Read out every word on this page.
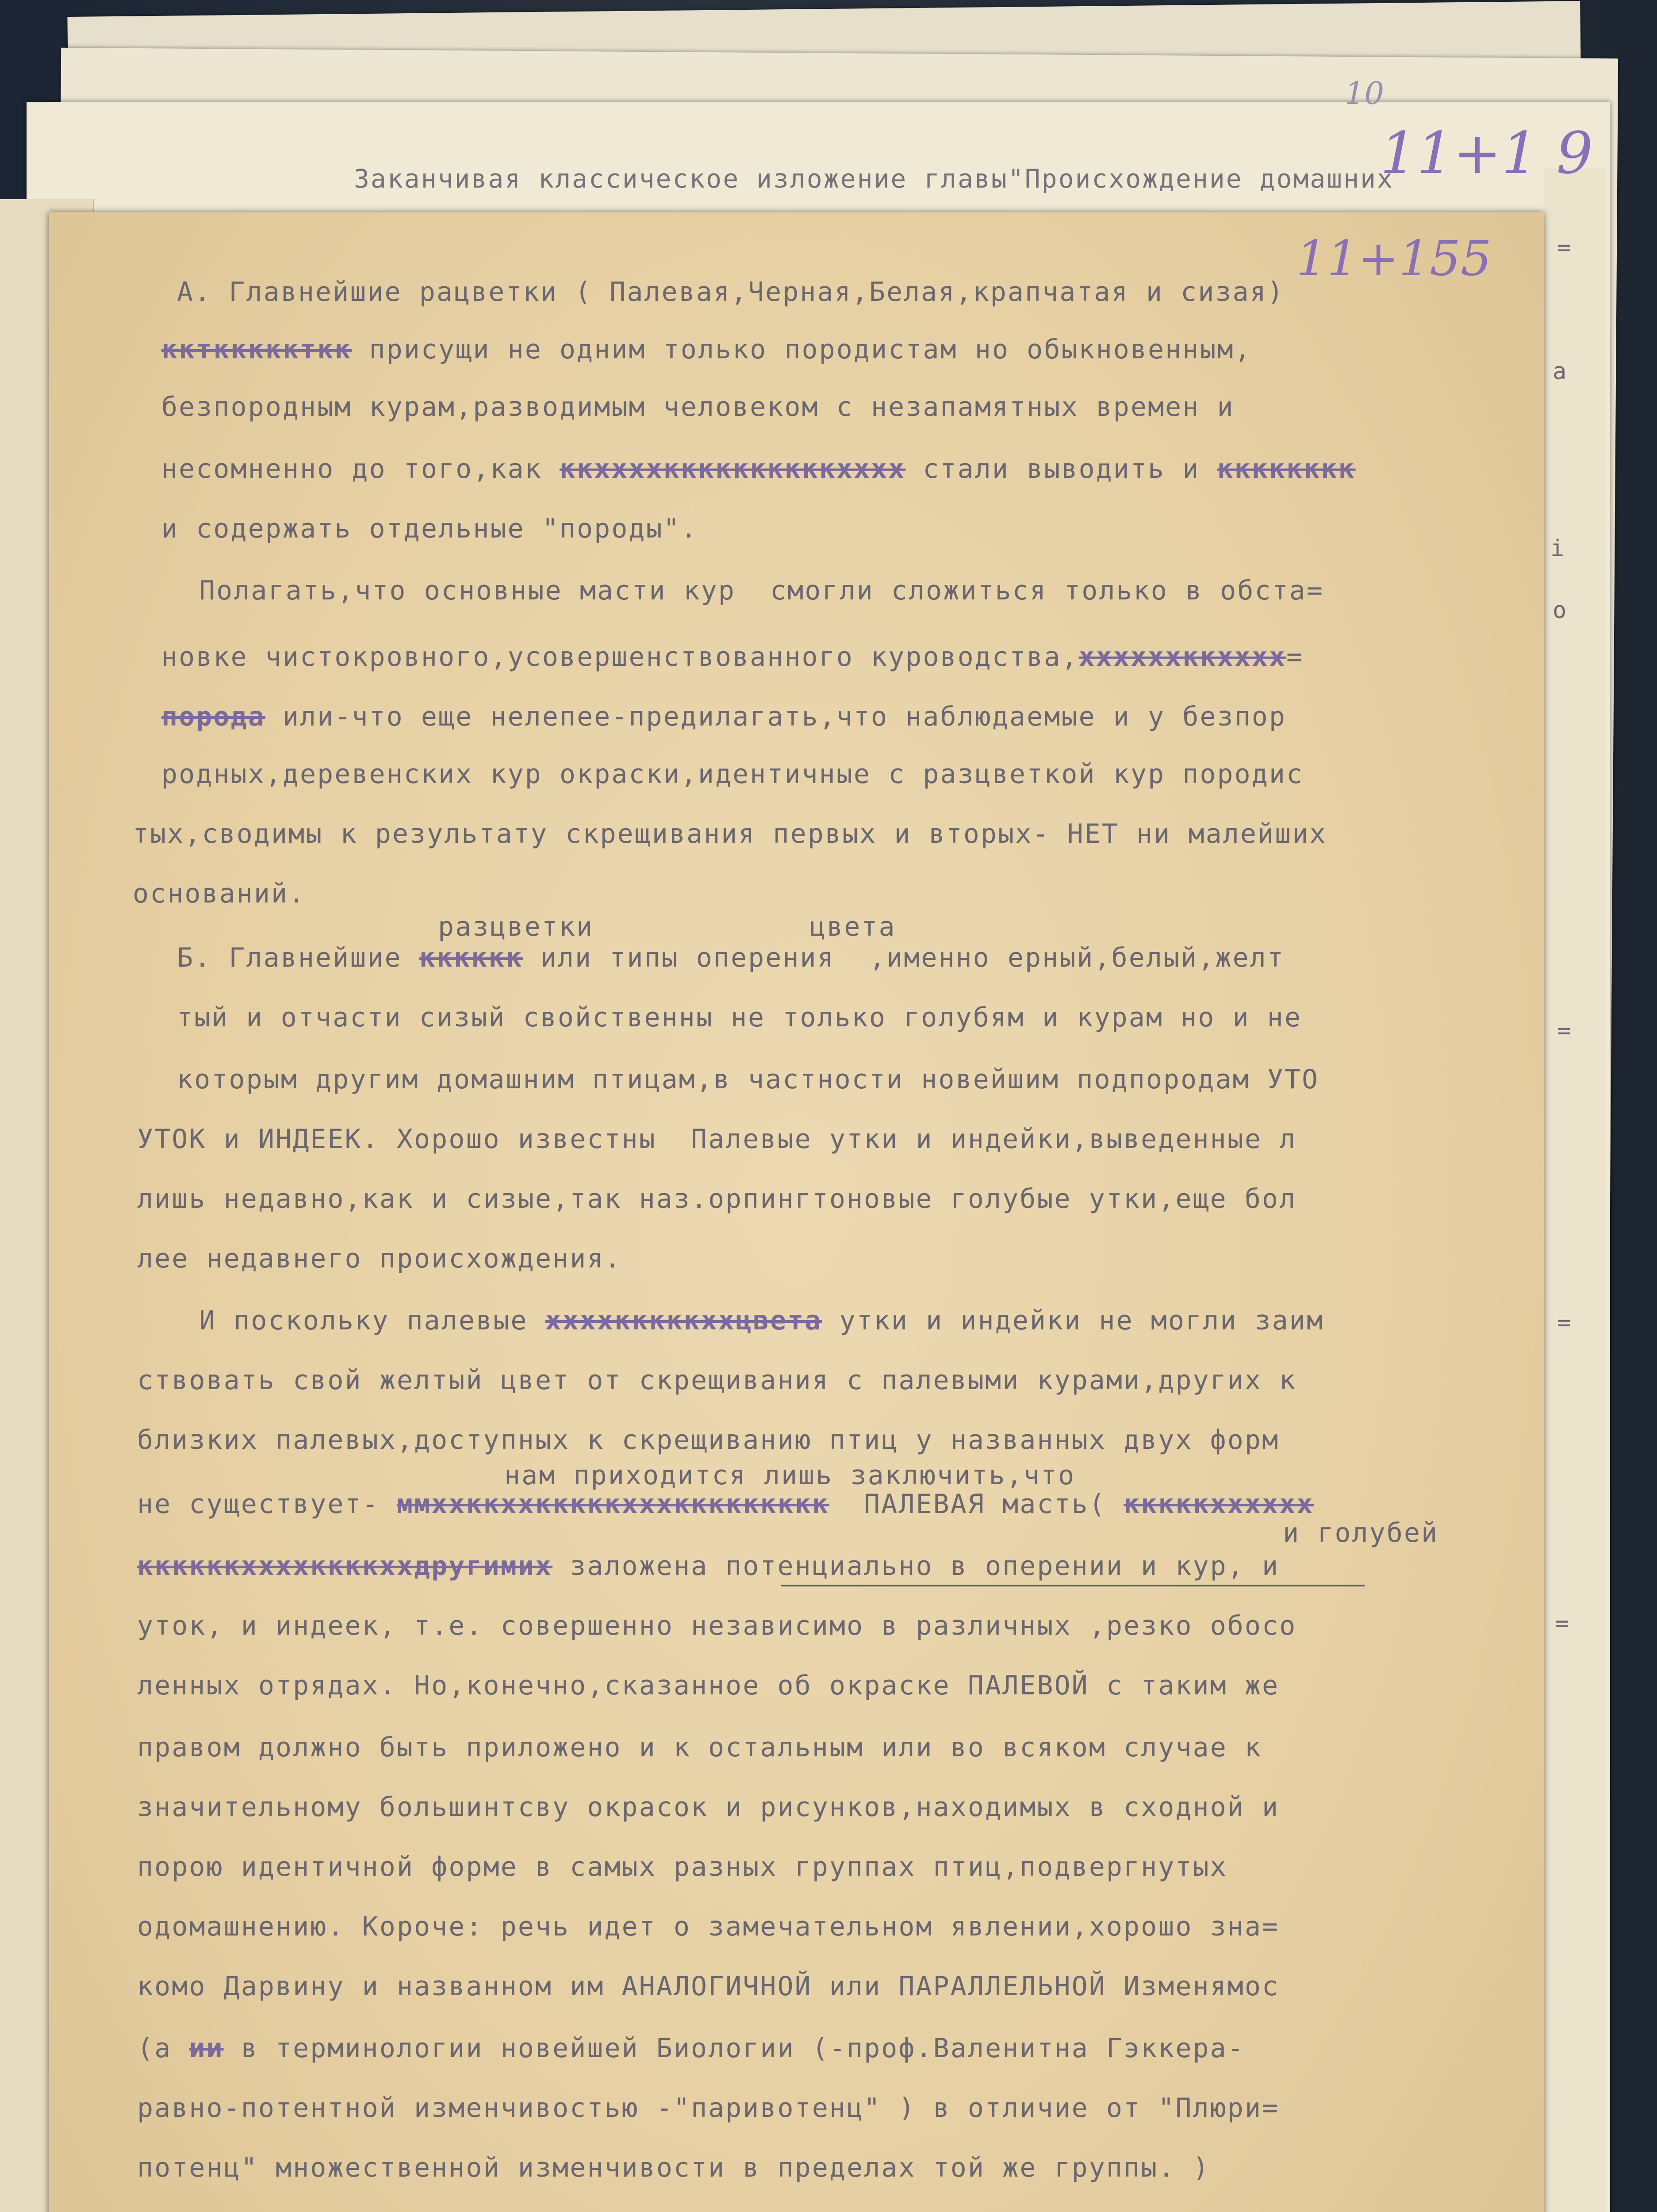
Заканчивая классическое изложение главы"Происхождение домашних
10
11+1 9
11+155	=
а
і
о
=
=
=
А. Главнейшие рацветки ( Палевая,Черная,Белая,крапчатая и сизая)
ккткккккткк присущи не одним только породистам но обыкновенным,
безпородным курам,разводимым человеком с незапамятных времен и
несомненно до того,как ккххххккккккккккхххх стали выводить и кккккккк
и содержать отдельные "породы".
Полагать,что основные масти кур  смогли сложиться только в обста=
новке чистокровного,усовершенствованного куроводства,ххххххккхххх=
порода или-что еще нелепее-предилагать,что наблюдаемые и у безпор
родных,деревенских кур окраски,идентичные с разцветкой кур породис
тых,сводимы к результату скрещивания первых и вторых- НЕТ ни малейших
оснований.
разцветки	цвета
Б. Главнейшие кккккк или типы оперения  ,именно ерный,белый,желт
тый и отчасти сизый свойственны не только голубям и курам но и не
которым другим домашним птицам,в частности новейшим подпородам УТО
УТОК и ИНДЕЕК. Хорошо известны  Палевые утки и индейки,выведенные л
лишь недавно,как и сизые,так наз.орпингтоновые голубые утки,еще бол
лее недавнего происхождения.
И поскольку палевые ххххкккккххцвета утки и индейки не могли заим
ствовать свой желтый цвет от скрещивания с палевыми курами,других к
близких палевых,доступных к скрещиванию птиц у названных двух форм
нам приходится лишь заключить,что
не существует- ммххккххкккккхххккккккккк  ПАЛЕВАЯ масть( кккккхххххх
и голубей
ккккккххххккккххдругимих заложена потенциально в оперении и кур, и
уток, и индеек, т.е. совершенно независимо в различных ,резко обосо
ленных отрядах. Но,конечно,сказанное об окраске ПАЛЕВОЙ с таким же
правом должно быть приложено и к остальным или во всяком случае к
значительному большинтсву окрасок и рисунков,находимых в сходной и
порою идентичной форме в самых разных группах птиц,подвергнутых
одомашнению. Короче: речь идет о замечательном явлении,хорошо зна=
комо Дарвину и названном им АНАЛОГИЧНОЙ или ПАРАЛЛЕЛЬНОЙ Изменямос
(а ии в терминологии новейшей Биологии (-проф.Валенитна Гэккера-
равно-потентной изменчивостью -"паривотенц" ) в отличие от "Плюри=
потенц" множественной изменчивости в пределах той же группы. )
